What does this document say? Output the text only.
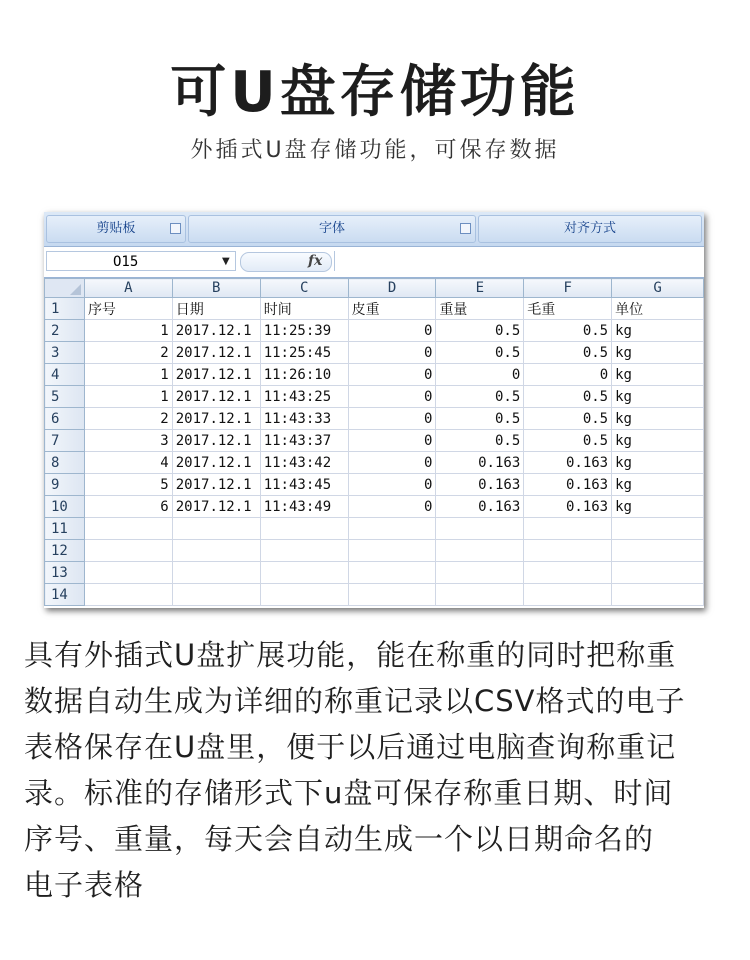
可U盘存储功能
外插式U盘存储功能，可保存数据
剪贴板	字体	对齐方式
O15	▼	fx
	A	B	C	D	E	F	G
1	序号	日期	时间	皮重	重量	毛重	单位
2	1	2017.12.1	11:25:39	0	0.5	0.5	kg
3	2	2017.12.1	11:25:45	0	0.5	0.5	kg
4	1	2017.12.1	11:26:10	0	0	0	kg
5	1	2017.12.1	11:43:25	0	0.5	0.5	kg
6	2	2017.12.1	11:43:33	0	0.5	0.5	kg
7	3	2017.12.1	11:43:37	0	0.5	0.5	kg
8	4	2017.12.1	11:43:42	0	0.163	0.163	kg
9	5	2017.12.1	11:43:45	0	0.163	0.163	kg
10	6	2017.12.1	11:43:49	0	0.163	0.163	kg
11							
12							
13							
14							
具有外插式U盘扩展功能，能在称重的同时把称重
数据自动生成为详细的称重记录以CSV格式的电子
表格保存在U盘里，便于以后通过电脑查询称重记
录。标准的存储形式下u盘可保存称重日期、时间
序号、重量，每天会自动生成一个以日期命名的
电子表格
